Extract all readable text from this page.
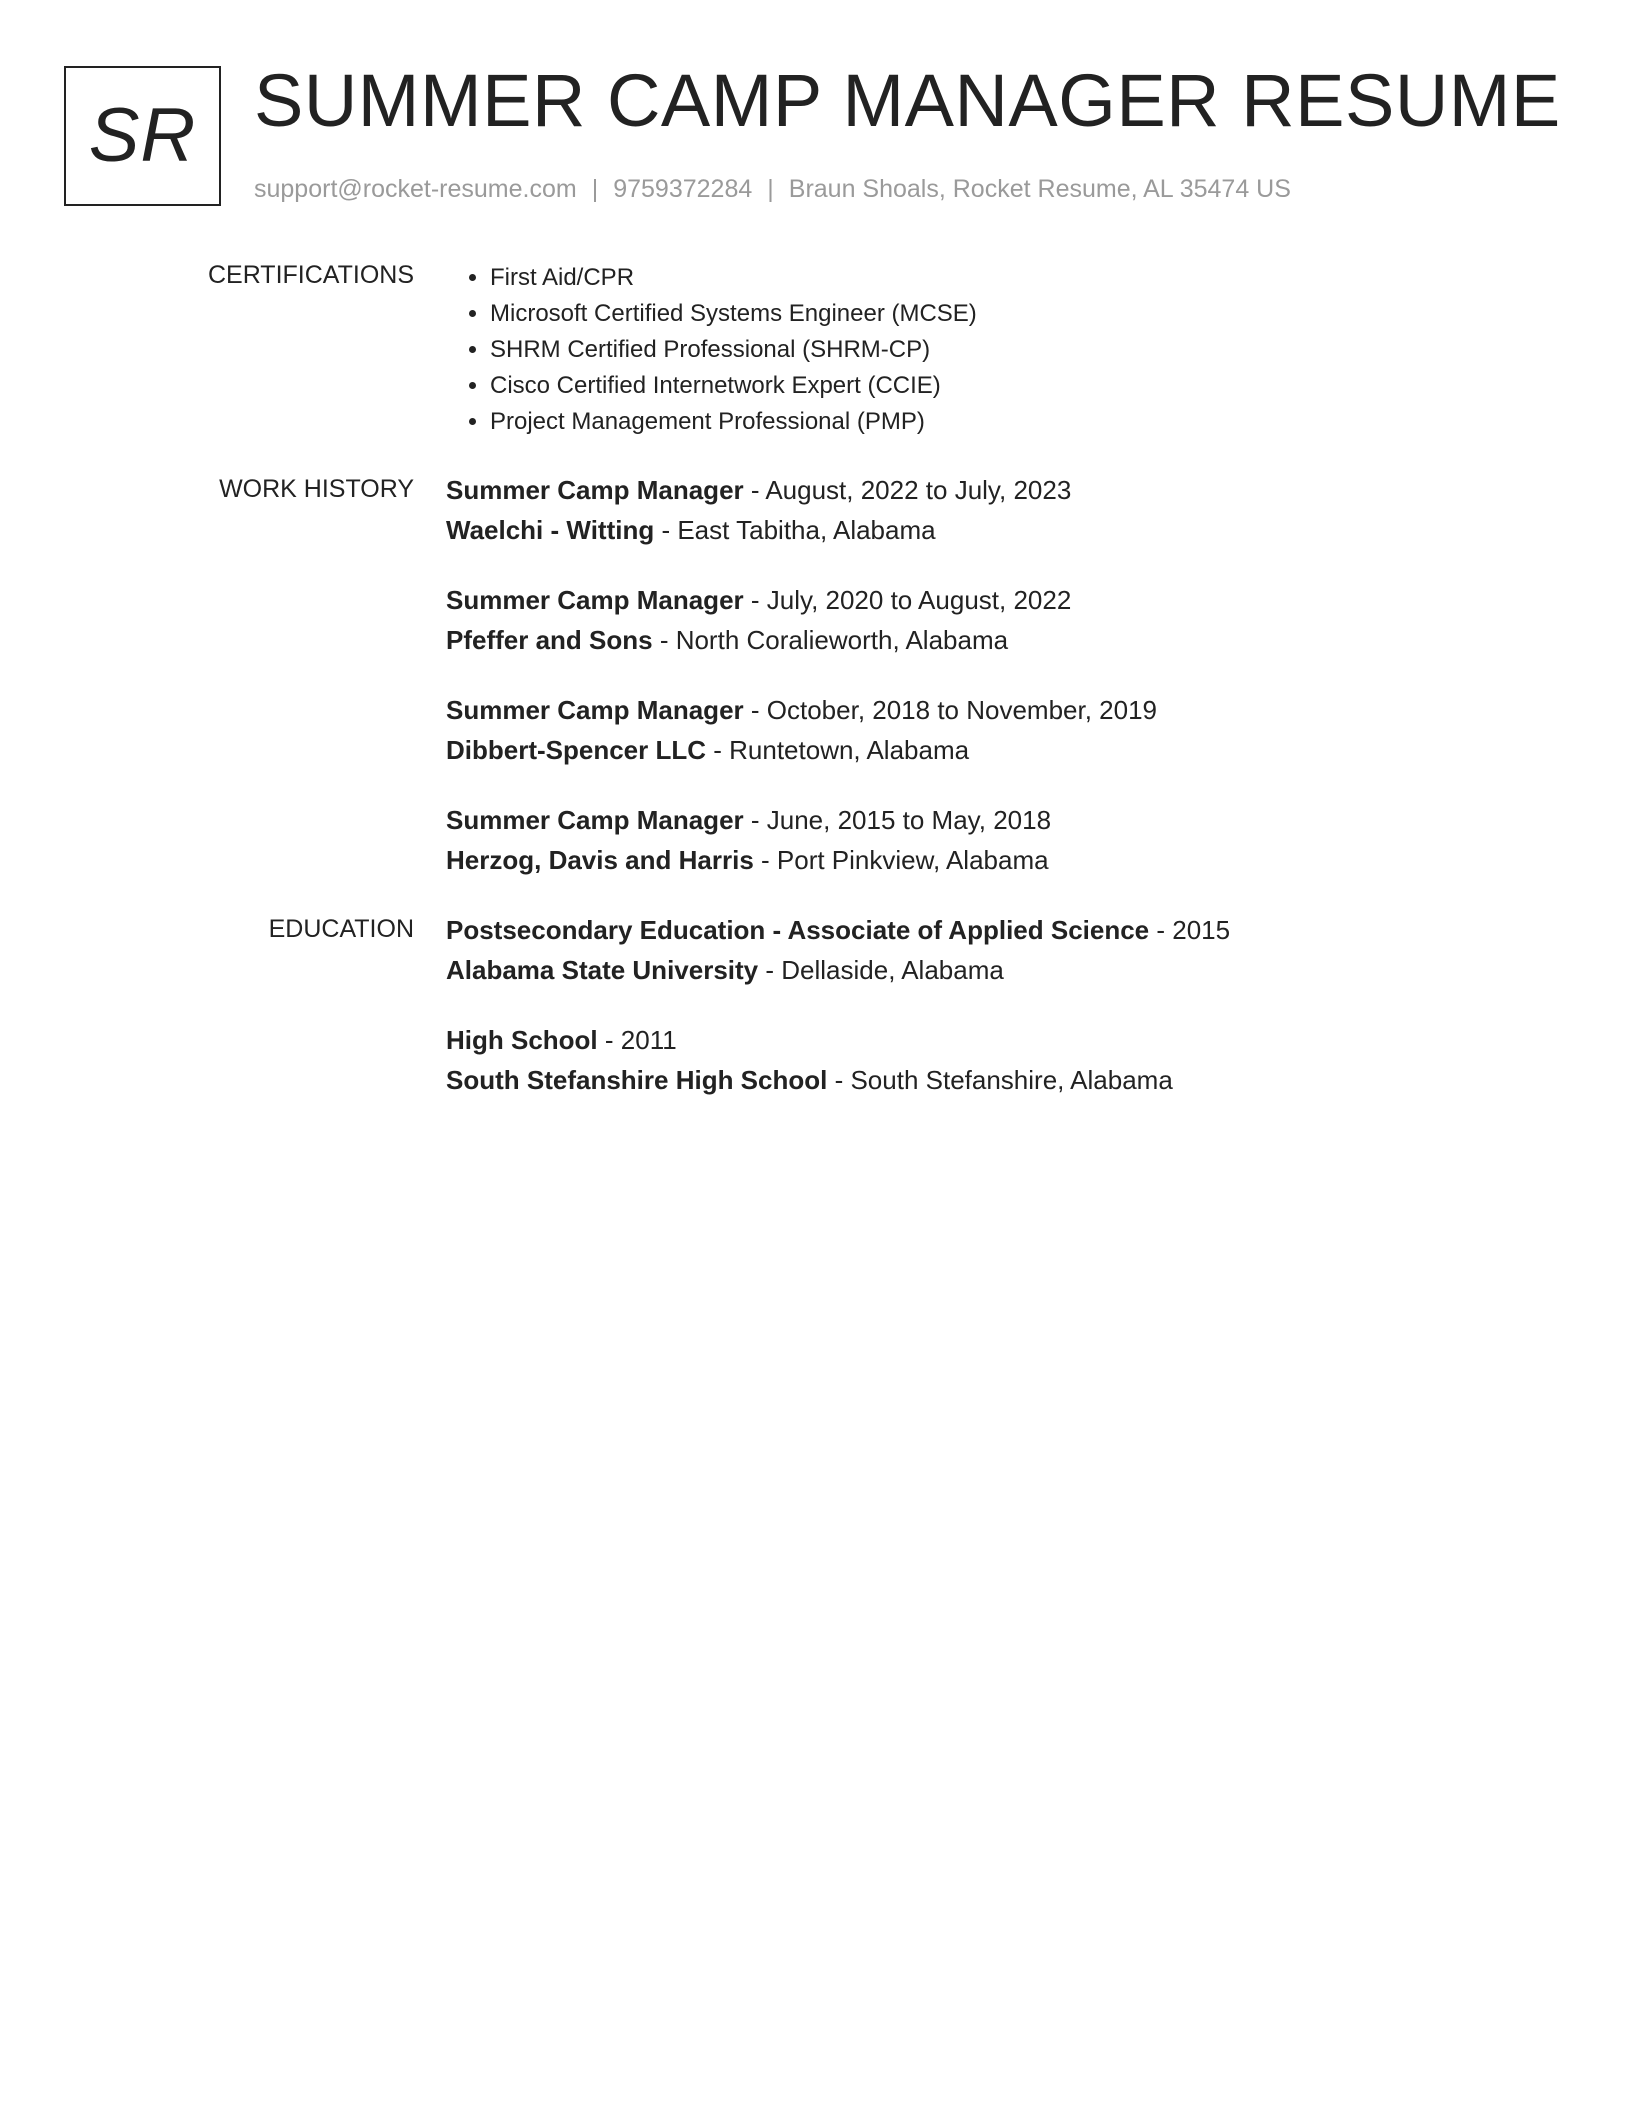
SR SUMMER CAMP MANAGER RESUME
support@rocket-resume.com | 9759372284 | Braun Shoals, Rocket Resume, AL 35474 US
CERTIFICATIONS
•	First Aid/CPR
• Microsoft Certified Systems Engineer (MCSE)
• SHRM Certified Professional (SHRM-CP)
• Cisco Certified Internetwork Expert (CCIE)
• Project Management Professional (PMP)
WORK HISTORY Summer Camp Manager - August, 2022 to July, 2023
Waelchi - Witting - East Tabitha, Alabama
Summer Camp Manager - July, 2020 to August, 2022
Pfeffer and Sons - North Coralieworth, Alabama
Summer Camp Manager - October, 2018 to November, 2019
Dibbert-Spencer LLC - Runtetown, Alabama
Summer Camp Manager - June, 2015 to May, 2018
Herzog, Davis and Harris - Port Pinkview, Alabama
EDUCATION Postsecondary Education - Associate of Applied Science - 2015
Alabama State University - Dellaside, Alabama
High School - 2011
South Stefanshire High School - South Stefanshire, Alabama
